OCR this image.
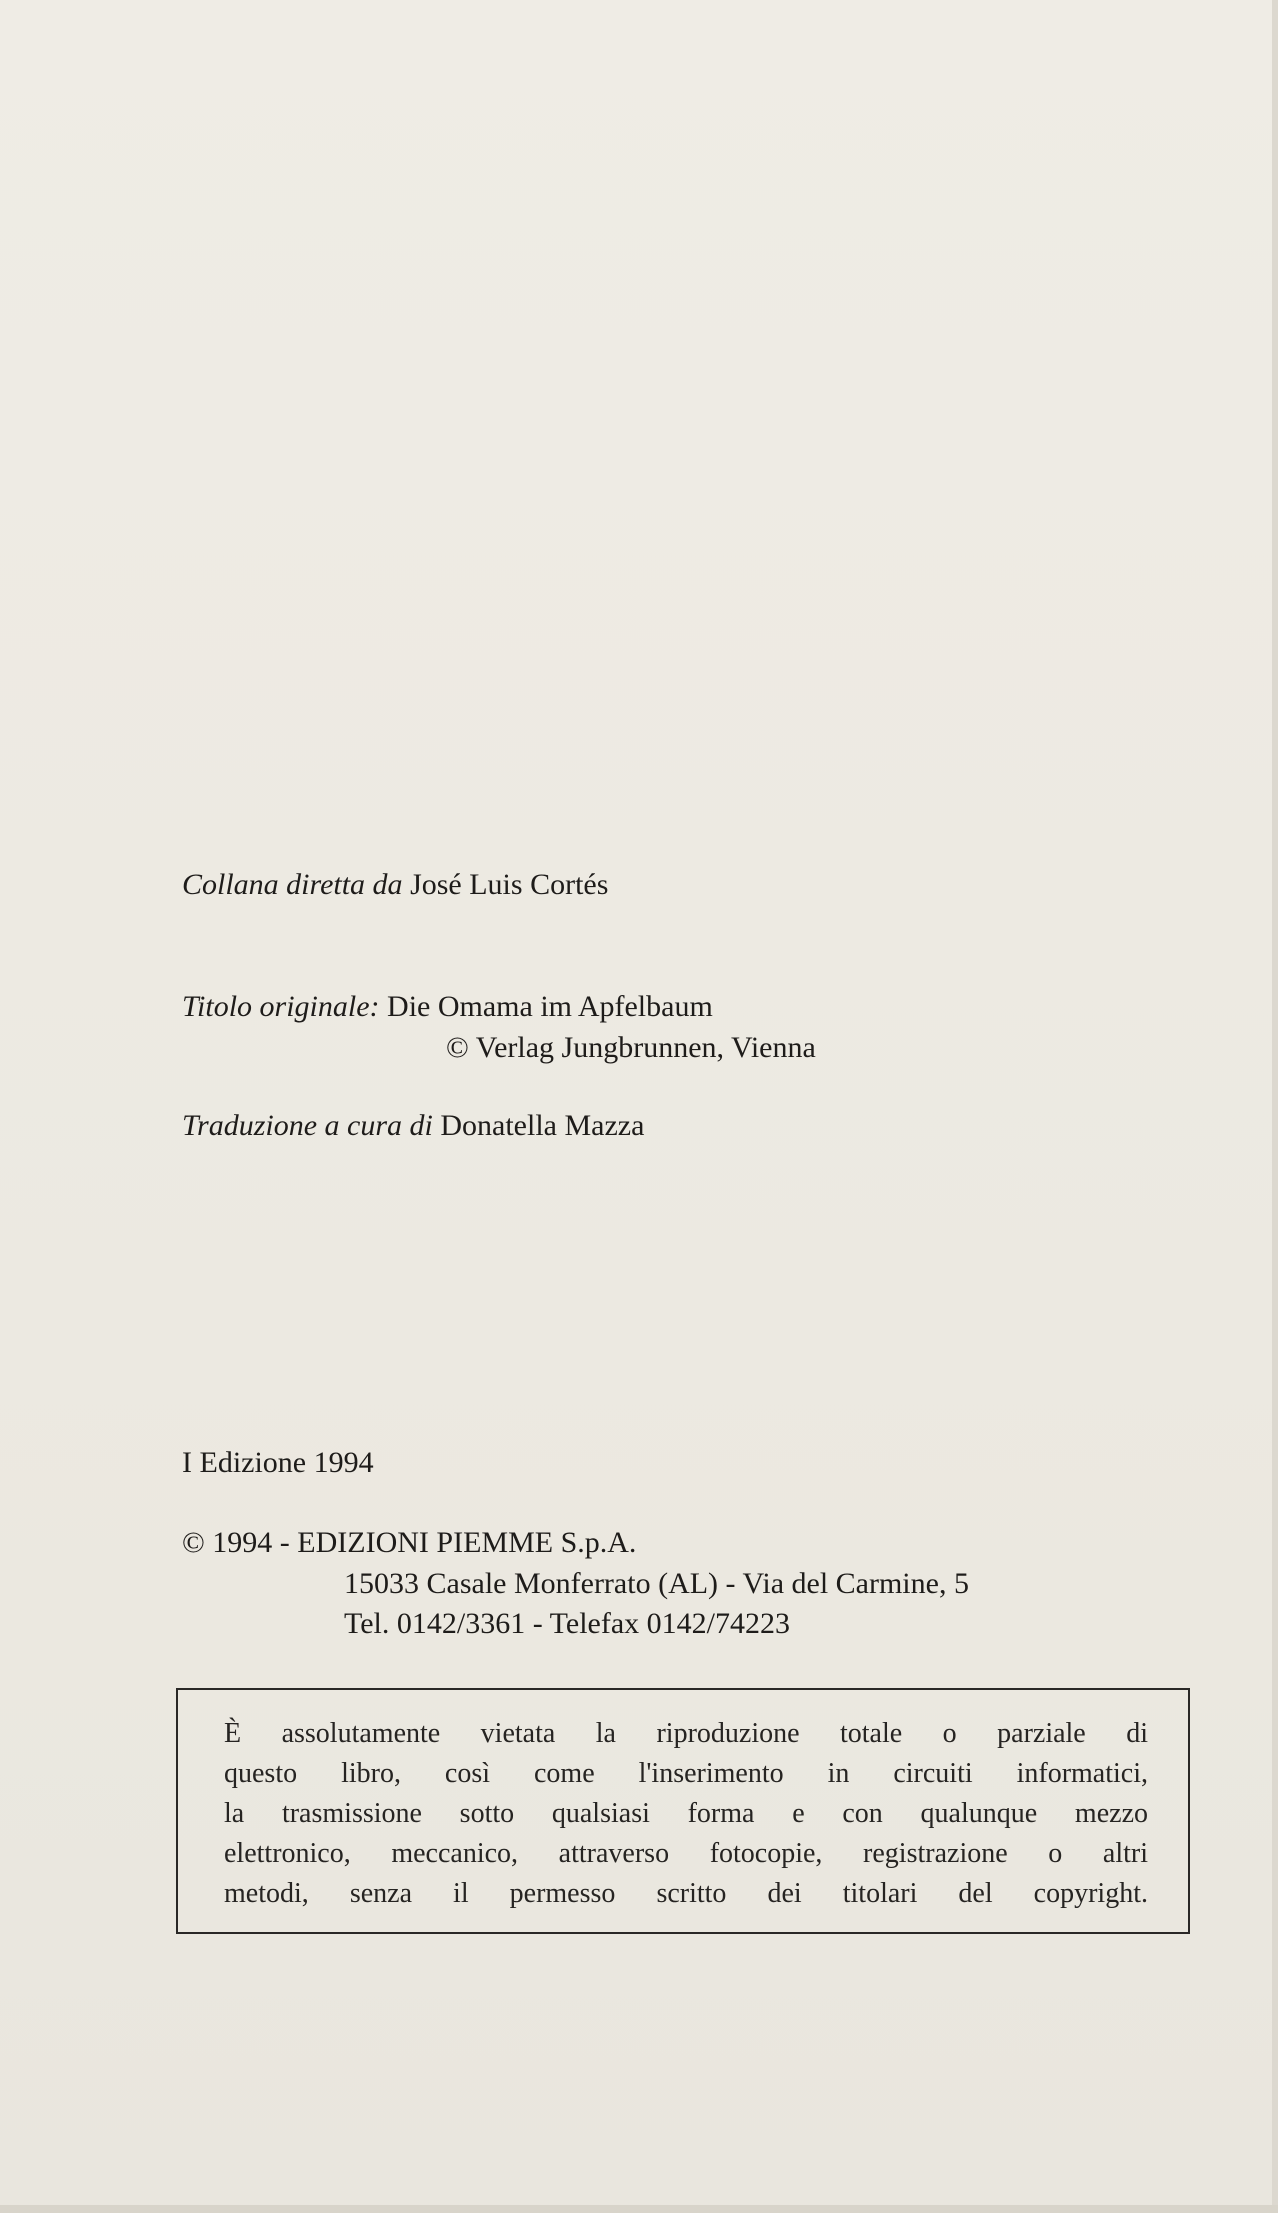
Collana diretta da José Luis Cortés
Titolo originale: Die Omama im Apfelbaum
© Verlag Jungbrunnen, Vienna
Traduzione a cura di Donatella Mazza
I Edizione 1994
© 1994 - EDIZIONI PIEMME S.p.A.
15033 Casale Monferrato (AL) - Via del Carmine, 5
Tel. 0142/3361 - Telefax 0142/74223
È assolutamente vietata la riproduzione totale o parziale di
questo libro, così come l'inserimento in circuiti informatici,
la trasmissione sotto qualsiasi forma e con qualunque mezzo
elettronico, meccanico, attraverso fotocopie, registrazione o altri
metodi, senza il permesso scritto dei titolari del copyright.
